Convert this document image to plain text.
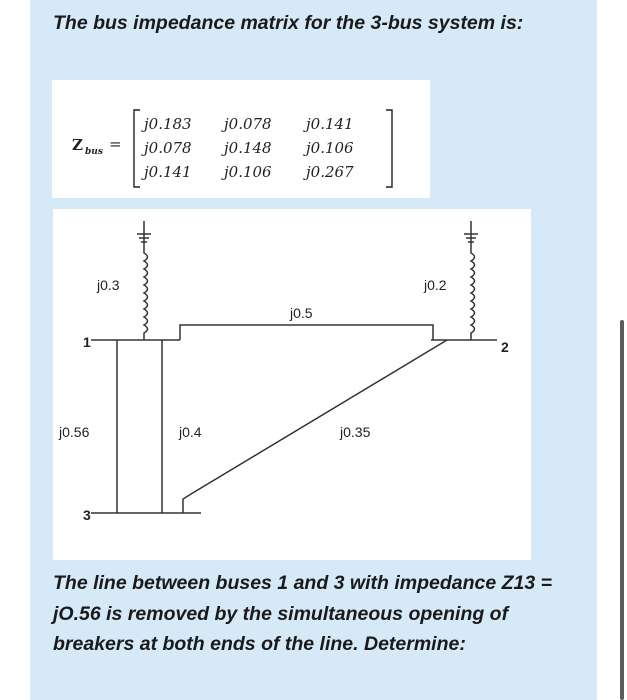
The bus impedance matrix for the 3-bus system is:

Z bus =
j0.183 j0.078 j0.141
j0.078 j0.148 j0.106
j0.141 j0.106 j0.267
j0.3	j0.2
j0.5
j0.56	j0.4	j0.35
1	2
3

The line between buses 1 and 3 with impedance Z13 = jO.56 is removed by the simultaneous opening of breakers at both ends of the line. Determine:
